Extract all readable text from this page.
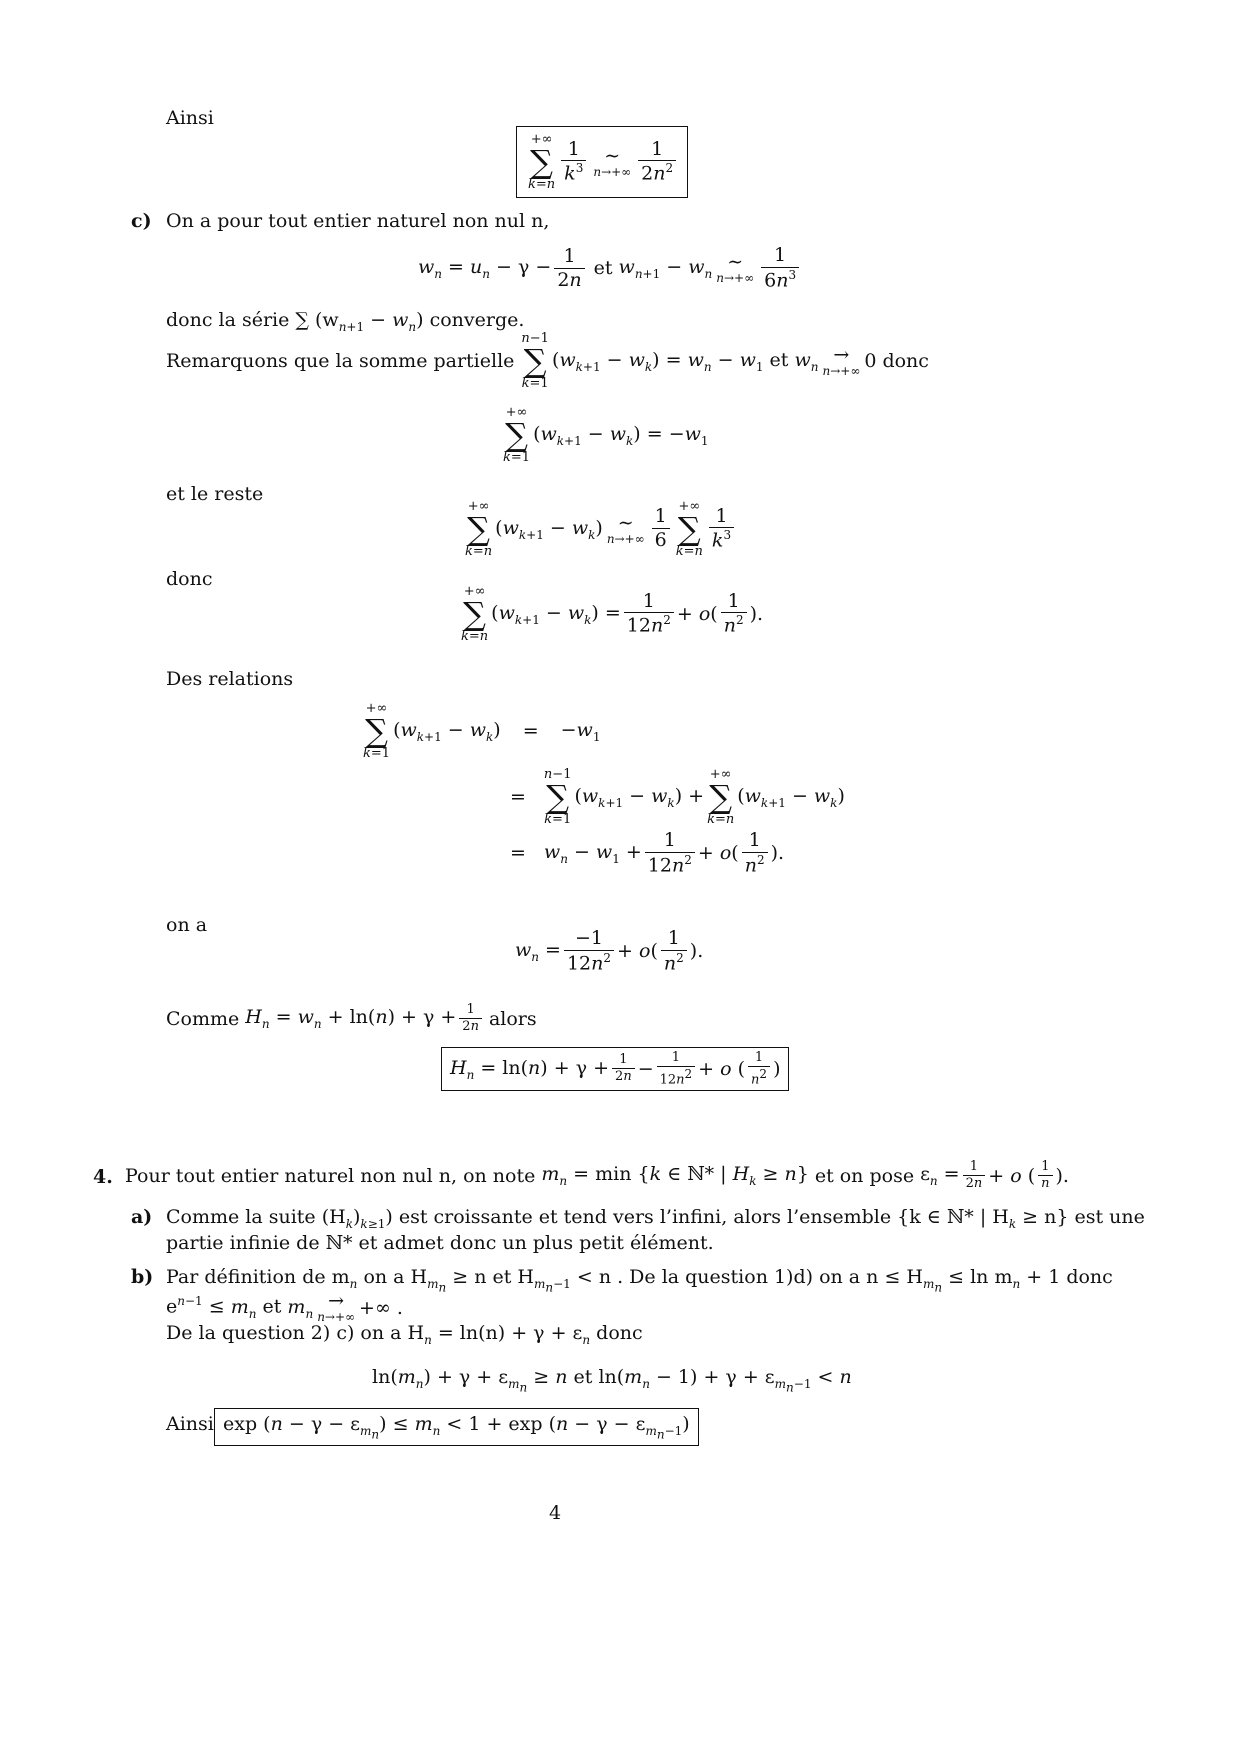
Ainsi
+∞
∑
$k=n \frac{1}{k^3}$ ∼
$n\to+\infty \frac{1}{2n^2}$
c) On a pour tout entier naturel non nul n,
$w_n = u_n - \gamma - \frac{1}{2n}$ et $w_{n+1} - w_n$
∼
$n\to+\infty \frac{1}{6n^3}$
donc la série ∑ $(w_{n+1} - w_n)$ converge.
Remarquons que la somme partielle
n−1
∑
k=1
$(w_{k+1} - w_k) = w_n - w_1$ et $w_n$
→
n→+∞ 0 donc
+∞
∑
k=1
$(w_{k+1} - w_k) = -w_1$
et le reste
+∞
∑
k=n
$(w_{k+1} - w_k)$ ∼
$n\to+\infty \frac{1}{6}$ +∞
∑
$k=n \frac{1}{k^3}$
donc
+∞
∑
k=n
$(w_{k+1} - w_k) = \frac{1}{12n^2} + o( \frac{1}{n^2}$ ).
Des relations
+∞
∑
k=1
$(w_{k+1} - w_k) = -w_1$
=
n−1
∑
k=1
$(w_{k+1} - w_k)$ +
+∞
∑
k=n
$(w_{k+1} - w_k)$
= $w_n - w_1 + \frac{1}{12n^2} + o( \frac{1}{n^2}$ ).
on a
$w_n = \frac{-1}{12n^2} + o( \frac{1}{n^2}$ ).
Comme $H_n = w_n + \ln(n) + \gamma + \frac{1}{2n}$ alors
$H_n = \ln(n) + \gamma + \frac{1}{2n} - \frac{1}{12n^2} + o$ ( $\frac{1}{n^2}$ )
4. Pour tout entier naturel non nul n, on note $m_n = \min \{k$ ∈ ℕ* | $H_k \ge n$} et on pose $\varepsilon_n = \frac{1}{2n} + o$ ( $\frac{1}{n}$ ).
a) Comme la suite $(H_k)_{k\ge 1}$) est croissante et tend vers l’infini, alors l’ensemble {k ∈ ℕ* | $H_k \ge n$} est une
partie infinie de ℕ* et admet donc un plus petit élément.
b) Par définition de $m_n$ on a $H_{m_n} \ge n$ et $H_{m_n-1} < n$ . De la question 1)d) on a $n \le H_{m_n} \le \ln m_n + 1$ donc
$e^{n-1} \le m_n$ et $m_n$
→
n→+∞ +∞ .
De la question 2) c) on a $H_n = \ln(n) + \gamma + \varepsilon_n$ donc
$\ln(m_n) + \gamma + \varepsilon_{m_n} \ge n$ et $\ln(m_n - 1) + \gamma + \varepsilon_{m_n-1} < n$
Ainsi $\exp (n - \gamma - \varepsilon_{m_n}) \le m_n < 1 + \exp (n - \gamma - \varepsilon_{m_n-1})$
4
